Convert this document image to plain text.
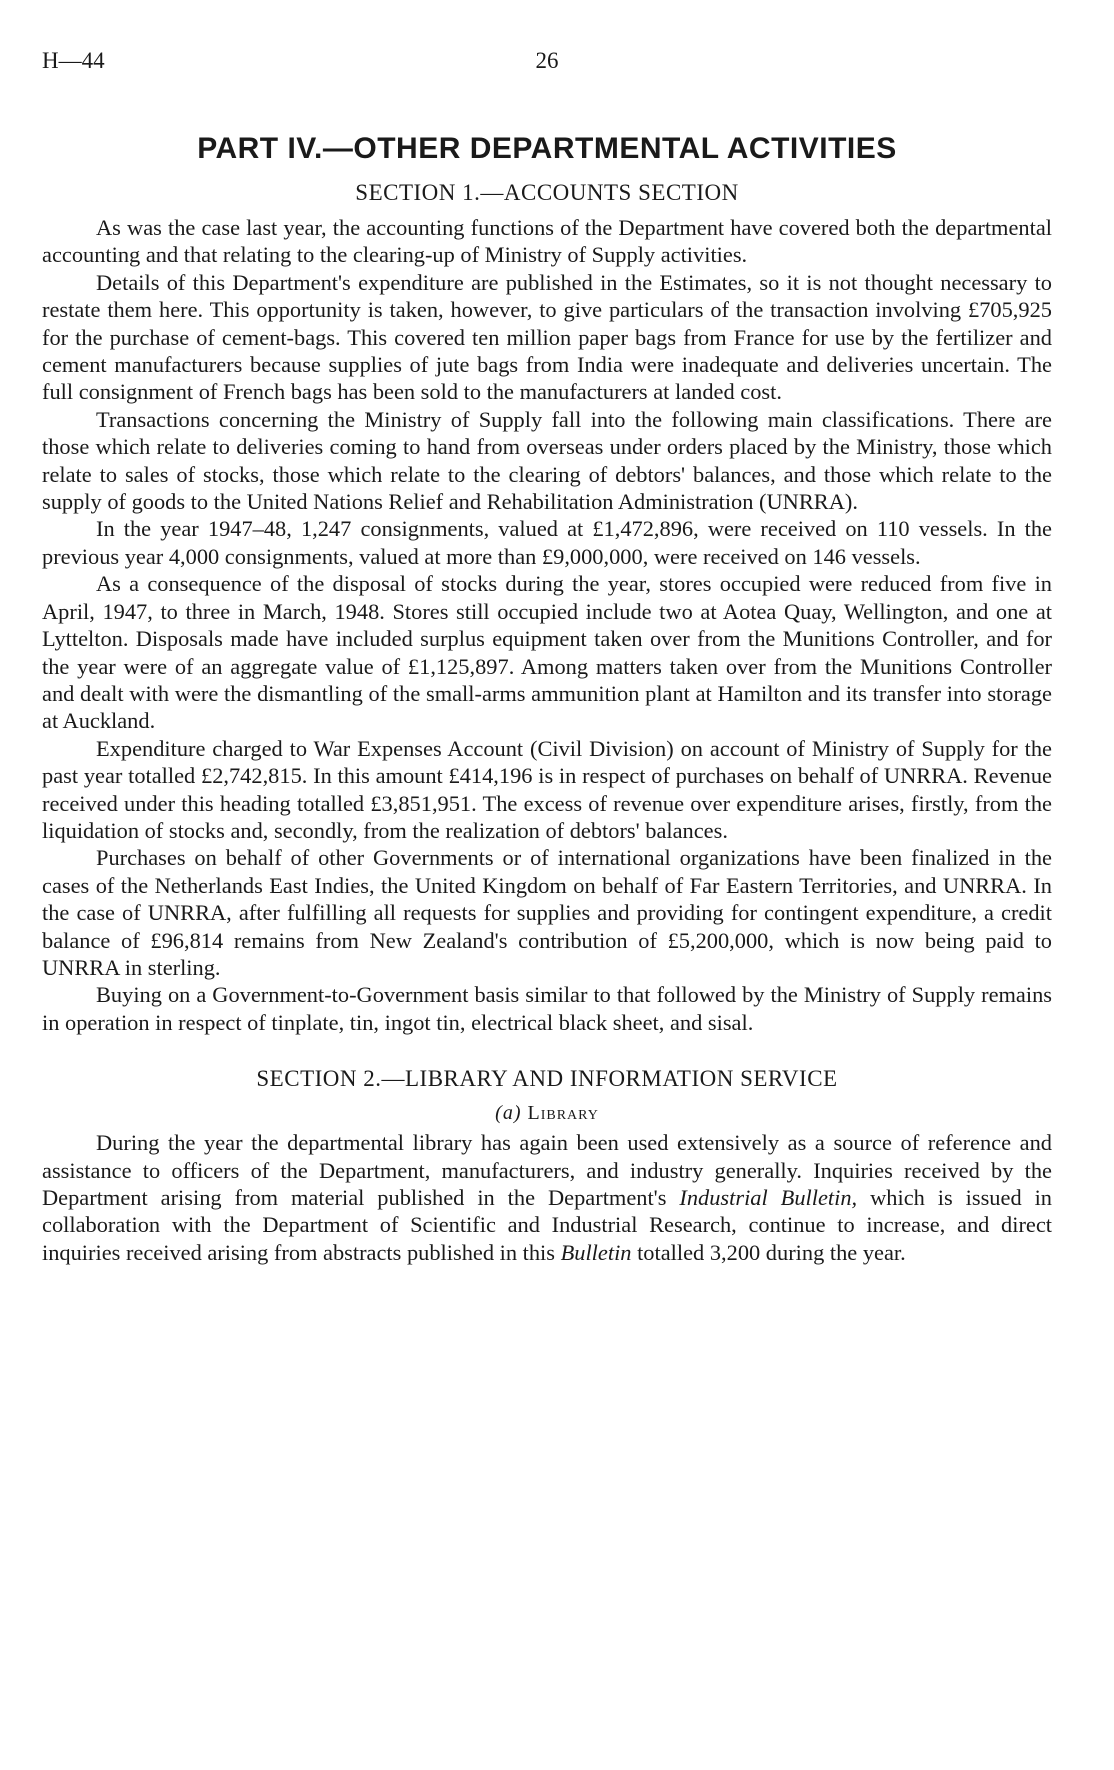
H—44	26
PART IV.—OTHER DEPARTMENTAL ACTIVITIES
SECTION 1.—ACCOUNTS SECTION

As was the case last year, the accounting functions of the Department have covered both the departmental accounting and that relating to the clearing-up of Ministry of Supply activities.

Details of this Department's expenditure are published in the Estimates, so it is not thought necessary to restate them here. This opportunity is taken, however, to give particulars of the transaction involving £705,925 for the purchase of cement-bags. This covered ten million paper bags from France for use by the fertilizer and cement manufacturers because supplies of jute bags from India were inadequate and deliveries uncertain. The full consignment of French bags has been sold to the manufacturers at landed cost.

Transactions concerning the Ministry of Supply fall into the following main classifications. There are those which relate to deliveries coming to hand from overseas under orders placed by the Ministry, those which relate to sales of stocks, those which relate to the clearing of debtors' balances, and those which relate to the supply of goods to the United Nations Relief and Rehabilitation Administration (UNRRA).

In the year 1947–48, 1,247 consignments, valued at £1,472,896, were received on 110 vessels. In the previous year 4,000 consignments, valued at more than £9,000,000, were received on 146 vessels.

As a consequence of the disposal of stocks during the year, stores occupied were reduced from five in April, 1947, to three in March, 1948. Stores still occupied include two at Aotea Quay, Wellington, and one at Lyttelton. Disposals made have included surplus equipment taken over from the Munitions Controller, and for the year were of an aggregate value of £1,125,897. Among matters taken over from the Munitions Controller and dealt with were the dismantling of the small-arms ammunition plant at Hamilton and its transfer into storage at Auckland.

Expenditure charged to War Expenses Account (Civil Division) on account of Ministry of Supply for the past year totalled £2,742,815. In this amount £414,196 is in respect of purchases on behalf of UNRRA. Revenue received under this heading totalled £3,851,951. The excess of revenue over expenditure arises, firstly, from the liquidation of stocks and, secondly, from the realization of debtors' balances.

Purchases on behalf of other Governments or of international organizations have been finalized in the cases of the Netherlands East Indies, the United Kingdom on behalf of Far Eastern Territories, and UNRRA. In the case of UNRRA, after fulfilling all requests for supplies and providing for contingent expenditure, a credit balance of £96,814 remains from New Zealand's contribution of £5,200,000, which is now being paid to UNRRA in sterling.

Buying on a Government-to-Government basis similar to that followed by the Ministry of Supply remains in operation in respect of tinplate, tin, ingot tin, electrical black sheet, and sisal.

SECTION 2.—LIBRARY AND INFORMATION SERVICE
(a) Library

During the year the departmental library has again been used extensively as a source of reference and assistance to officers of the Department, manufacturers, and industry generally. Inquiries received by the Department arising from material published in the Department's Industrial Bulletin, which is issued in collaboration with the Department of Scientific and Industrial Research, continue to increase, and direct inquiries received arising from abstracts published in this Bulletin totalled 3,200 during the year.
